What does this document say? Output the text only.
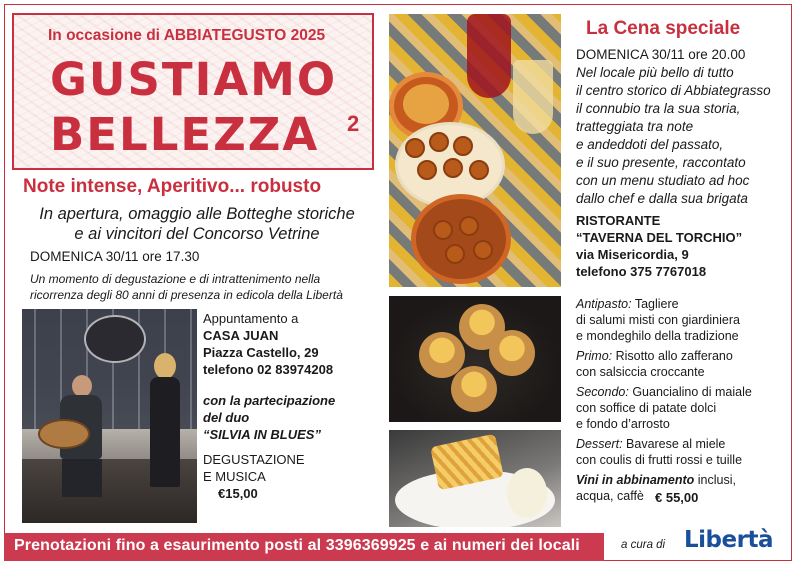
In occasione di ABBIATEGUSTO 2025
GUSTIAMO
BELLEZZA 2
Note intense, Aperitivo... robusto
In apertura, omaggio alle Botteghe storiche
e ai vincitori del Concorso Vetrine
DOMENICA 30/11 ore 17.30
Un momento di degustazione e di intrattenimento nella
ricorrenza degli 80 anni di presenza in edicola della Libertà
Appuntamento a
CASA JUAN
Piazza Castello, 29
telefono 02 83974208
con la partecipazione
del duo
“SILVIA IN BLUES”
DEGUSTAZIONE
E MUSICA
€15,00
La Cena speciale
DOMENICA 30/11 ore 20.00
Nel locale più bello di tutto
il centro storico di Abbiategrasso
il connubio tra la sua storia,
tratteggiata tra note
e andeddoti del passato,
e il suo presente, raccontato
con un menu studiato ad hoc
dallo chef e dalla sua brigata
RISTORANTE
“TAVERNA DEL TORCHIO”
via Misericordia, 9
telefono 375 7767018
Antipasto: Tagliere
di salumi misti con giardiniera
e mondeghilo della tradizione
Primo: Risotto allo zafferano
con salsiccia croccante
Secondo: Guancialino di maiale
con soffice di patate dolci
e fondo d’arrosto
Dessert: Bavarese al miele
con coulis di frutti rossi e tuille
Vini in abbinamento inclusi,
acqua, caffè € 55,00
Prenotazioni fino a esaurimento posti al 3396369925 e ai numeri dei locali	a cura di Libertà
